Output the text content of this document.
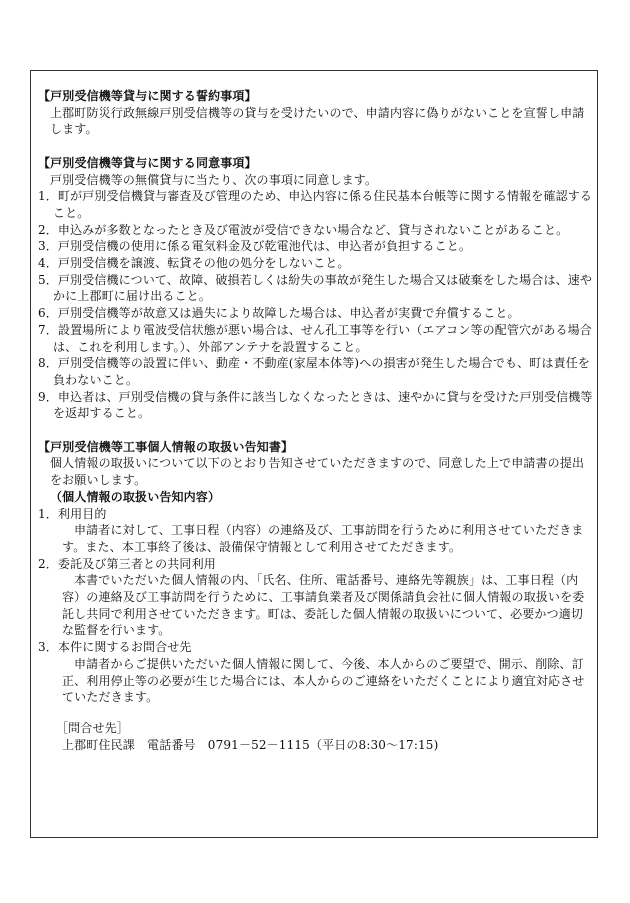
【戸別受信機等貸与に関する誓約事項】

上郡町防災行政無線戸別受信機等の貸与を受けたいので、申請内容に偽りがないことを宣誓し申請します。

【戸別受信機等貸与に関する同意事項】

戸別受信機等の無償貸与に当たり、次の事項に同意します。

1．町が戸別受信機貸与審査及び管理のため、申込内容に係る住民基本台帳等に関する情報を確認すること。

2．申込みが多数となったとき及び電波が受信できない場合など、貸与されないことがあること。

3．戸別受信機の使用に係る電気料金及び乾電池代は、申込者が負担すること。

4．戸別受信機を譲渡、転貸その他の処分をしないこと。

5．戸別受信機について、故障、破損若しくは紛失の事故が発生した場合又は破棄をした場合は、速やかに上郡町に届け出ること。

6．戸別受信機等が故意又は過失により故障した場合は、申込者が実費で弁償すること。

7．設置場所により電波受信状態が悪い場合は、せん孔工事等を行い（エアコン等の配管穴がある場合は、これを利用します。）、外部アンテナを設置すること。

8．戸別受信機等の設置に伴い、動産・不動産(家屋本体等)への損害が発生した場合でも、町は責任を負わないこと。

9．申込者は、戸別受信機の貸与条件に該当しなくなったときは、速やかに貸与を受けた戸別受信機等を返却すること。

【戸別受信機等工事個人情報の取扱い告知書】

個人情報の取扱いについて以下のとおり告知させていただきますので、同意した上で申請書の提出をお願いします。

（個人情報の取扱い告知内容）

1．利用目的

申請者に対して、工事日程（内容）の連絡及び、工事訪問を行うために利用させていただきます。また、本工事終了後は、設備保守情報として利用させてただきます。

2．委託及び第三者との共同利用

本書でいただいた個人情報の内、「氏名、住所、電話番号、連絡先等親族」は、工事日程（内容）の連絡及び工事訪問を行うために、工事請負業者及び関係請負会社に個人情報の取扱いを委託し共同で利用させていただきます。町は、委託した個人情報の取扱いについて、必要かつ適切な監督を行います。

3．本件に関するお問合せ先

申請者からご提供いただいた個人情報に関して、今後、本人からのご要望で、開示、削除、訂正、利用停止等の必要が生じた場合には、本人からのご連絡をいただくことにより適宜対応させていただきます。

［問合せ先］

上郡町住民課　電話番号　0791－52－1115（平日の8:30～17:15)
